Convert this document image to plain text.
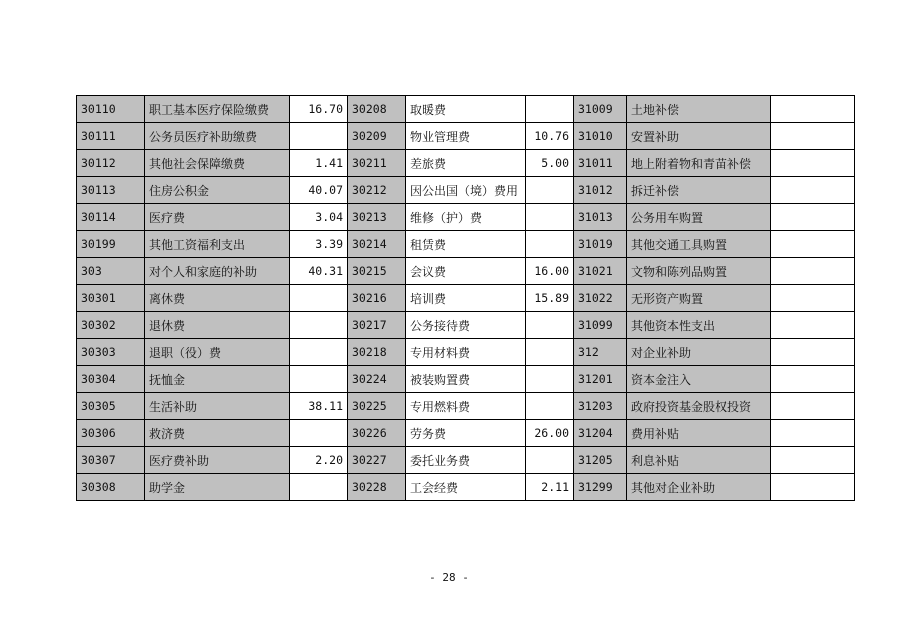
30110	职工基本医疗保险缴费	16.70	30208	取暖费		31009	土地补偿	
30111	公务员医疗补助缴费		30209	物业管理费	10.76	31010	安置补助	
30112	其他社会保障缴费	1.41	30211	差旅费	5.00	31011	地上附着物和青苗补偿	
30113	住房公积金	40.07	30212	因公出国（境）费用		31012	拆迁补偿	
30114	医疗费	3.04	30213	维修（护）费		31013	公务用车购置	
30199	其他工资福利支出	3.39	30214	租赁费		31019	其他交通工具购置	
303	对个人和家庭的补助	40.31	30215	会议费	16.00	31021	文物和陈列品购置	
30301	离休费		30216	培训费	15.89	31022	无形资产购置	
30302	退休费		30217	公务接待费		31099	其他资本性支出	
30303	退职（役）费		30218	专用材料费		312	对企业补助	
30304	抚恤金		30224	被装购置费		31201	资本金注入	
30305	生活补助	38.11	30225	专用燃料费		31203	政府投资基金股权投资	
30306	救济费		30226	劳务费	26.00	31204	费用补贴	
30307	医疗费补助	2.20	30227	委托业务费		31205	利息补贴	
30308	助学金		30228	工会经费	2.11	31299	其他对企业补助	
- 28 -
